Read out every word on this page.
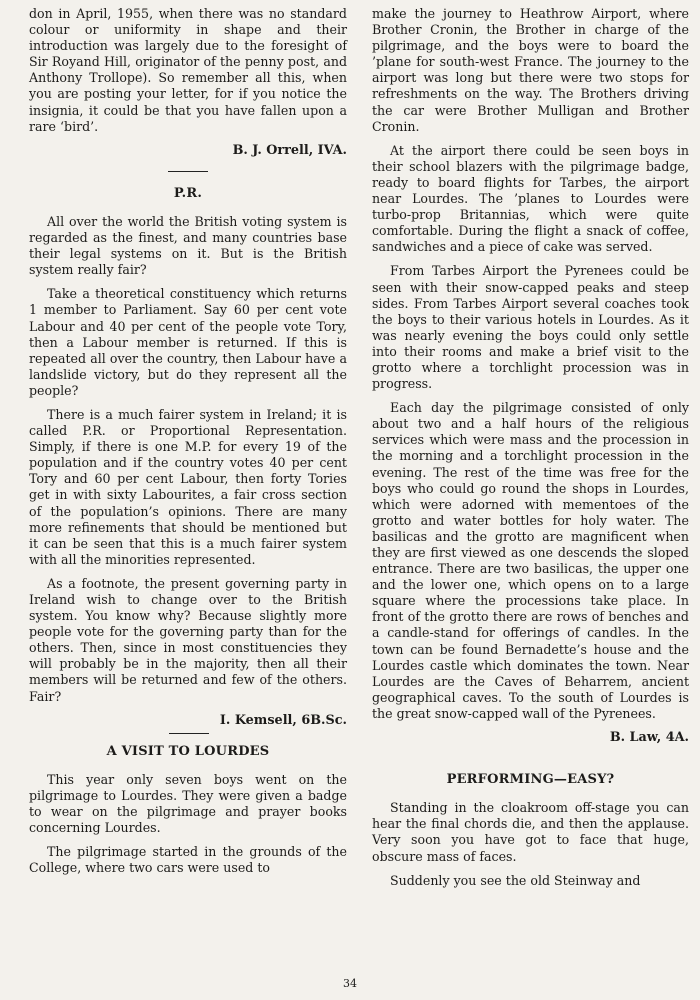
don in April, 1955, when there was no standard colour or uniformity in shape and their introduction was largely due to the foresight of Sir Royand Hill, originator of the penny post, and Anthony Trollope). So remember all this, when you are posting your letter, for if you notice the insignia, it could be that you have fallen upon a rare ‘bird’.

B. J. Orrell, IVA.
P.R.

All over the world the British voting system is regarded as the finest, and many countries base their legal systems on it. But is the British system really fair?

Take a theoretical constituency which returns 1 member to Parliament. Say 60 per cent vote Labour and 40 per cent of the people vote Tory, then a Labour member is returned. If this is repeated all over the country, then Labour have a landslide victory, but do they represent all the people?

There is a much fairer system in Ireland; it is called P.R. or Proportional Representation. Simply, if there is one M.P. for every 19 of the population and if the country votes 40 per cent Tory and 60 per cent Labour, then forty Tories get in with sixty Labourites, a fair cross section of the population’s opinions. There are many more refinements that should be mentioned but it can be seen that this is a much fairer system with all the minorities represented.

As a footnote, the present governing party in Ireland wish to change over to the British system. You know why? Because slightly more people vote for the governing party than for the others. Then, since in most constituencies they will probably be in the majority, then all their members will be returned and few of the others. Fair?

I. Kemsell, 6B.Sc.
A VISIT TO LOURDES

This year only seven boys went on the pilgrimage to Lourdes. They were given a badge to wear on the pilgrimage and prayer books concerning Lourdes.

The pilgrimage started in the grounds of the College, where two cars were used to

make the journey to Heathrow Airport, where Brother Cronin, the Brother in charge of the pilgrimage, and the boys were to board the ’plane for south-west France. The journey to the airport was long but there were two stops for refreshments on the way. The Brothers driving the car were Brother Mulligan and Brother Cronin.

At the airport there could be seen boys in their school blazers with the pilgrimage badge, ready to board flights for Tarbes, the airport near Lourdes. The ’planes to Lourdes were turbo-prop Britannias, which were quite comfortable. During the flight a snack of coffee, sandwiches and a piece of cake was served.

From Tarbes Airport the Pyrenees could be seen with their snow-capped peaks and steep sides. From Tarbes Airport several coaches took the boys to their various hotels in Lourdes. As it was nearly evening the boys could only settle into their rooms and make a brief visit to the grotto where a torchlight procession was in progress.

Each day the pilgrimage consisted of only about two and a half hours of the religious services which were mass and the procession in the morning and a torchlight procession in the evening. The rest of the time was free for the boys who could go round the shops in Lourdes, which were adorned with mementoes of the grotto and water bottles for holy water. The basilicas and the grotto are magnificent when they are first viewed as one descends the sloped entrance. There are two basilicas, the upper one and the lower one, which opens on to a large square where the processions take place. In front of the grotto there are rows of benches and a candle-stand for offerings of candles. In the town can be found Bernadette’s house and the Lourdes castle which dominates the town. Near Lourdes are the Caves of Beharrem, ancient geographical caves. To the south of Lourdes is the great snow-capped wall of the Pyrenees.

B. Law, 4A.
PERFORMING—EASY?

Standing in the cloakroom off-stage you can hear the final chords die, and then the applause. Very soon you have got to face that huge, obscure mass of faces.

Suddenly you see the old Steinway and

34
